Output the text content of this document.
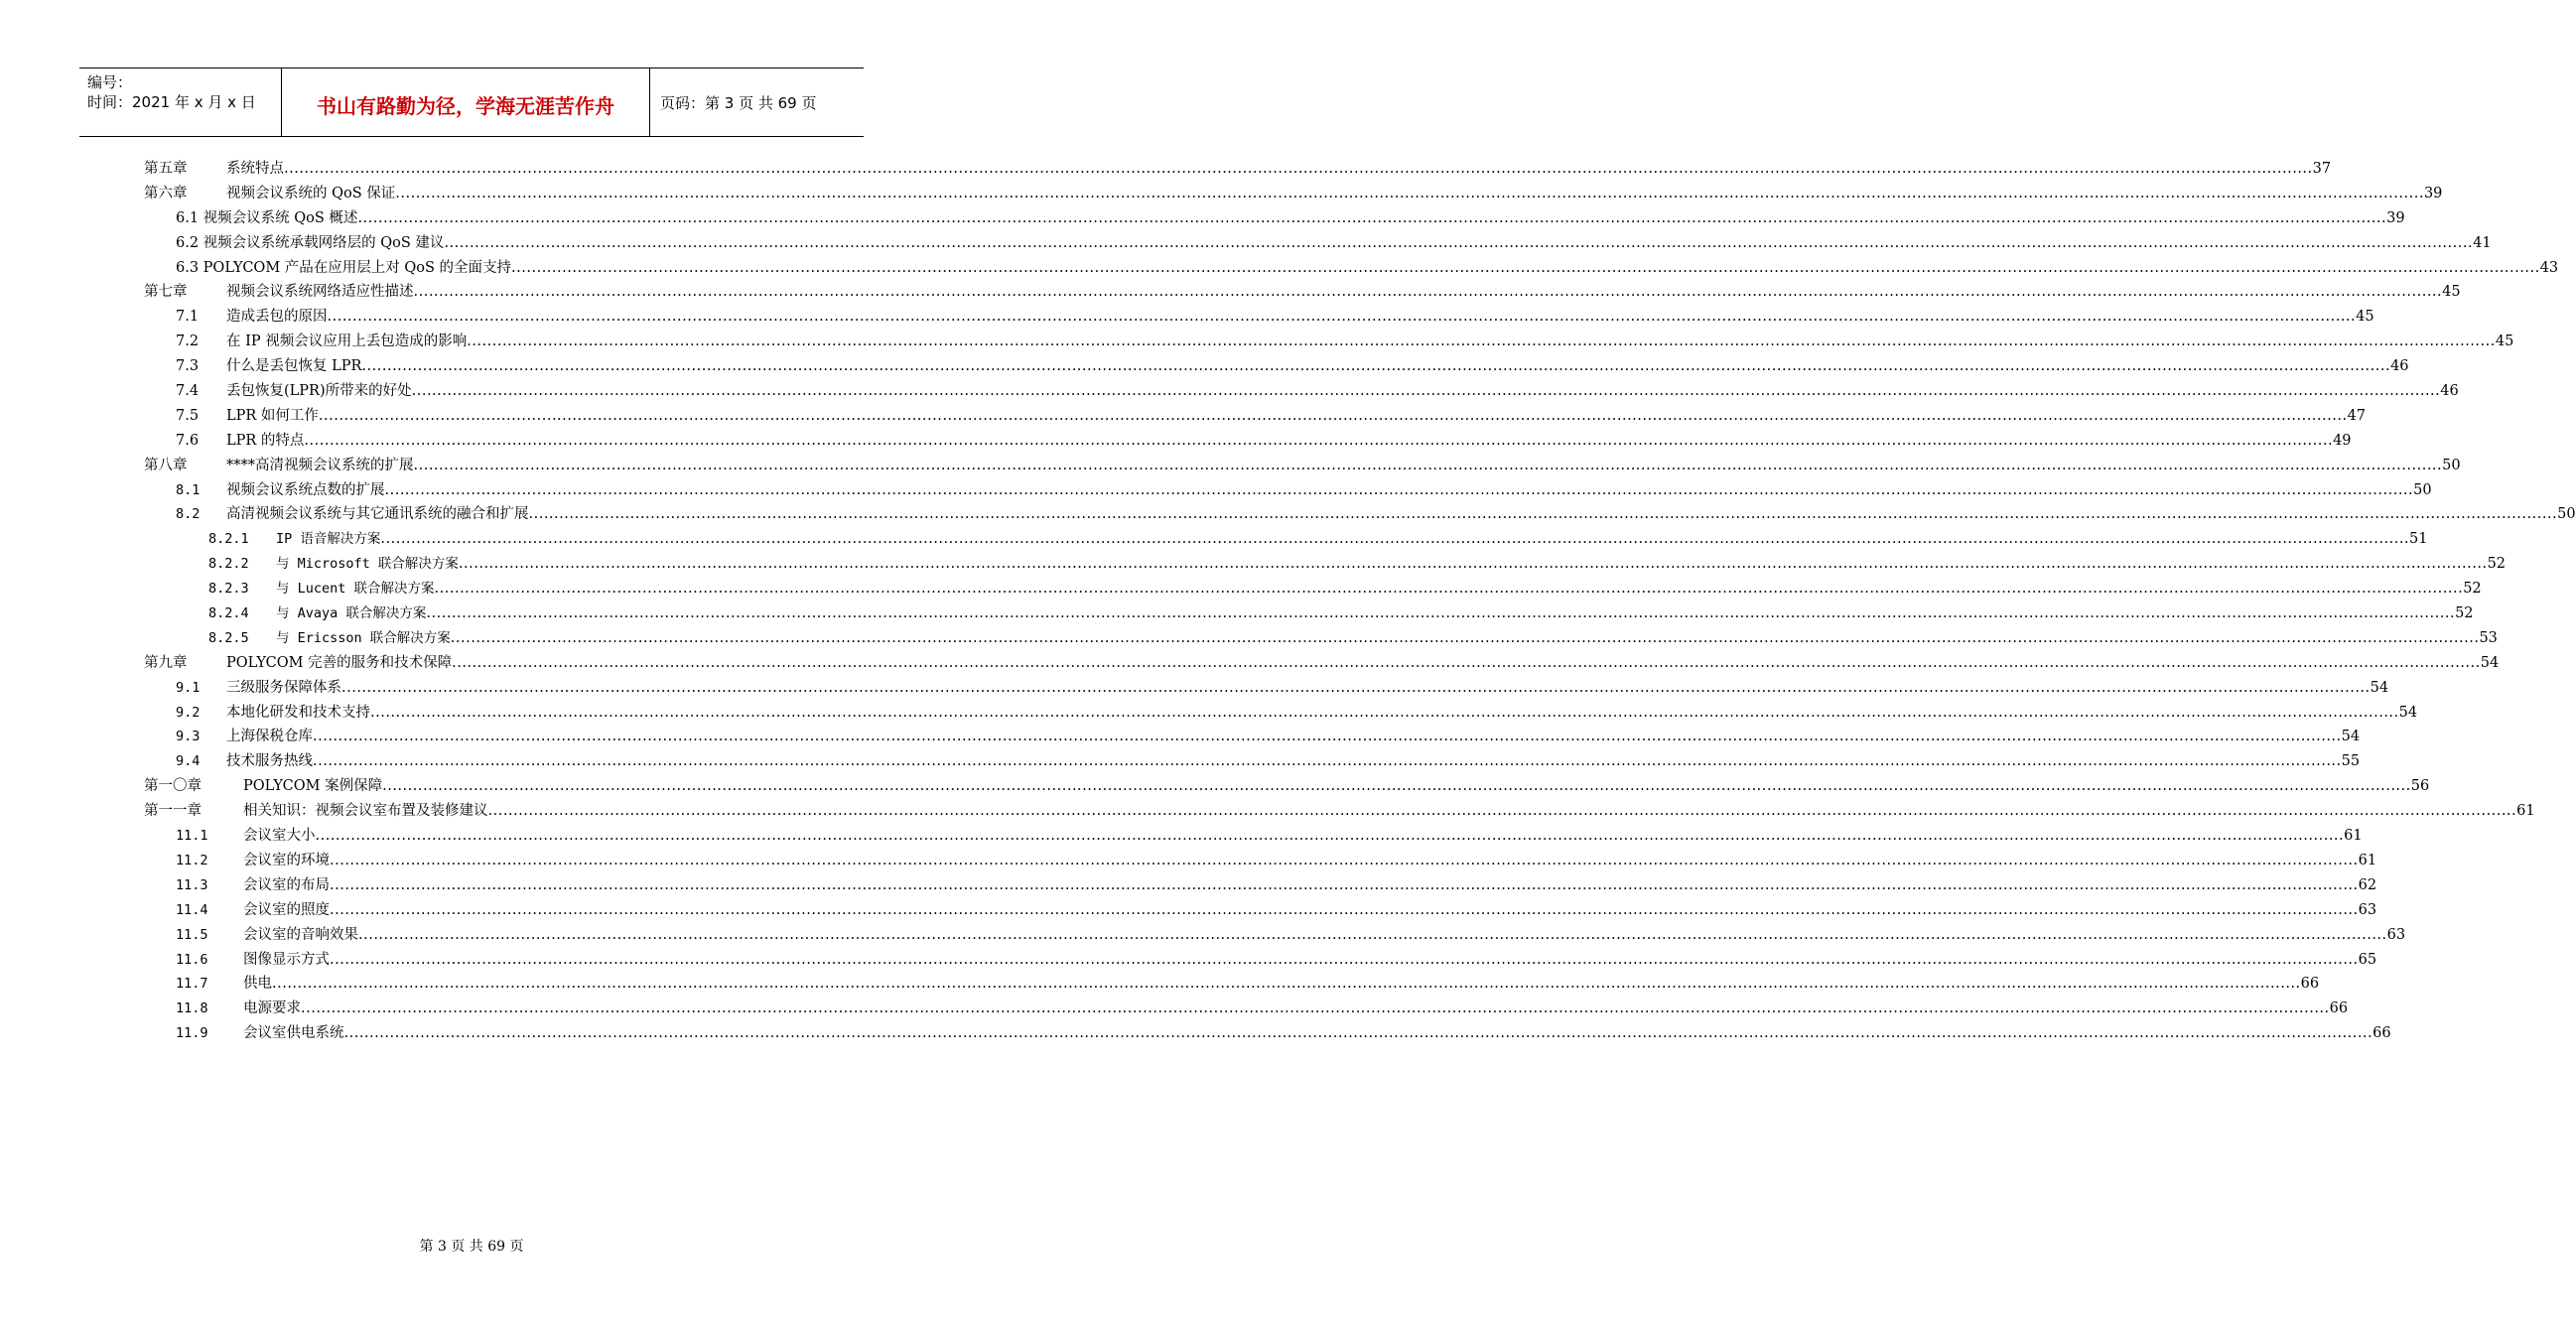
编号：
时间：2021 年 x 月 x 日	书山有路勤为径，学海无涯苦作舟	页码：第 3 页 共 69 页
第五章	系统特点 ................................................................................................................................................................................................................................................................................................................................................................................................................ 37
第六章	视频会议系统的 QoS 保证 ................................................................................................................................................................................................................................................................................................................................................................................................................ 39
6.1 视频会议系统 QoS 概述 ................................................................................................................................................................................................................................................................................................................................................................................................................ 39
6.2 视频会议系统承载网络层的 QoS 建议 ................................................................................................................................................................................................................................................................................................................................................................................................................ 41
6.3 POLYCOM 产品在应用层上对 QoS 的全面支持 ................................................................................................................................................................................................................................................................................................................................................................................................................ 43
第七章	视频会议系统网络适应性描述 ................................................................................................................................................................................................................................................................................................................................................................................................................ 45
7.1 造成丢包的原因 ................................................................................................................................................................................................................................................................................................................................................................................................................ 45
7.2 在 IP 视频会议应用上丢包造成的影响 ................................................................................................................................................................................................................................................................................................................................................................................................................ 45
7.3 什么是丢包恢复 LPR ................................................................................................................................................................................................................................................................................................................................................................................................................ 46
7.4 丢包恢复(LPR)所带来的好处 ................................................................................................................................................................................................................................................................................................................................................................................................................ 46
7.5 LPR 如何工作 ................................................................................................................................................................................................................................................................................................................................................................................................................ 47
7.6 LPR 的特点 ................................................................................................................................................................................................................................................................................................................................................................................................................ 49
第八章	****高清视频会议系统的扩展 ................................................................................................................................................................................................................................................................................................................................................................................................................ 50
8.1 视频会议系统点数的扩展 ................................................................................................................................................................................................................................................................................................................................................................................................................ 50
8.2 高清视频会议系统与其它通讯系统的融合和扩展 ................................................................................................................................................................................................................................................................................................................................................................................................................ 50
8.2.1 IP 语音解决方案 ................................................................................................................................................................................................................................................................................................................................................................................................................ 51
8.2.2 与 Microsoft 联合解决方案 ................................................................................................................................................................................................................................................................................................................................................................................................................ 52
8.2.3 与 Lucent 联合解决方案 ................................................................................................................................................................................................................................................................................................................................................................................................................ 52
8.2.4 与 Avaya 联合解决方案 ................................................................................................................................................................................................................................................................................................................................................................................................................ 52
8.2.5 与 Ericsson 联合解决方案 ................................................................................................................................................................................................................................................................................................................................................................................................................ 53
第九章	POLYCOM 完善的服务和技术保障 ................................................................................................................................................................................................................................................................................................................................................................................................................ 54
9.1 三级服务保障体系 ................................................................................................................................................................................................................................................................................................................................................................................................................ 54
9.2 本地化研发和技术支持 ................................................................................................................................................................................................................................................................................................................................................................................................................ 54
9.3 上海保税仓库 ................................................................................................................................................................................................................................................................................................................................................................................................................ 54
9.4 技术服务热线 ................................................................................................................................................................................................................................................................................................................................................................................................................ 55
第一〇章	POLYCOM 案例保障 ................................................................................................................................................................................................................................................................................................................................................................................................................ 56
第一一章	相关知识：视频会议室布置及装修建议 ................................................................................................................................................................................................................................................................................................................................................................................................................ 61
11.1 会议室大小 ................................................................................................................................................................................................................................................................................................................................................................................................................ 61
11.2 会议室的环境 ................................................................................................................................................................................................................................................................................................................................................................................................................ 61
11.3 会议室的布局 ................................................................................................................................................................................................................................................................................................................................................................................................................ 62
11.4 会议室的照度 ................................................................................................................................................................................................................................................................................................................................................................................................................ 63
11.5 会议室的音响效果 ................................................................................................................................................................................................................................................................................................................................................................................................................ 63
11.6 图像显示方式 ................................................................................................................................................................................................................................................................................................................................................................................................................ 65
11.7 供电 ................................................................................................................................................................................................................................................................................................................................................................................................................ 66
11.8 电源要求 ................................................................................................................................................................................................................................................................................................................................................................................................................ 66
11.9 会议室供电系统 ................................................................................................................................................................................................................................................................................................................................................................................................................ 66
第 3 页 共 69 页
